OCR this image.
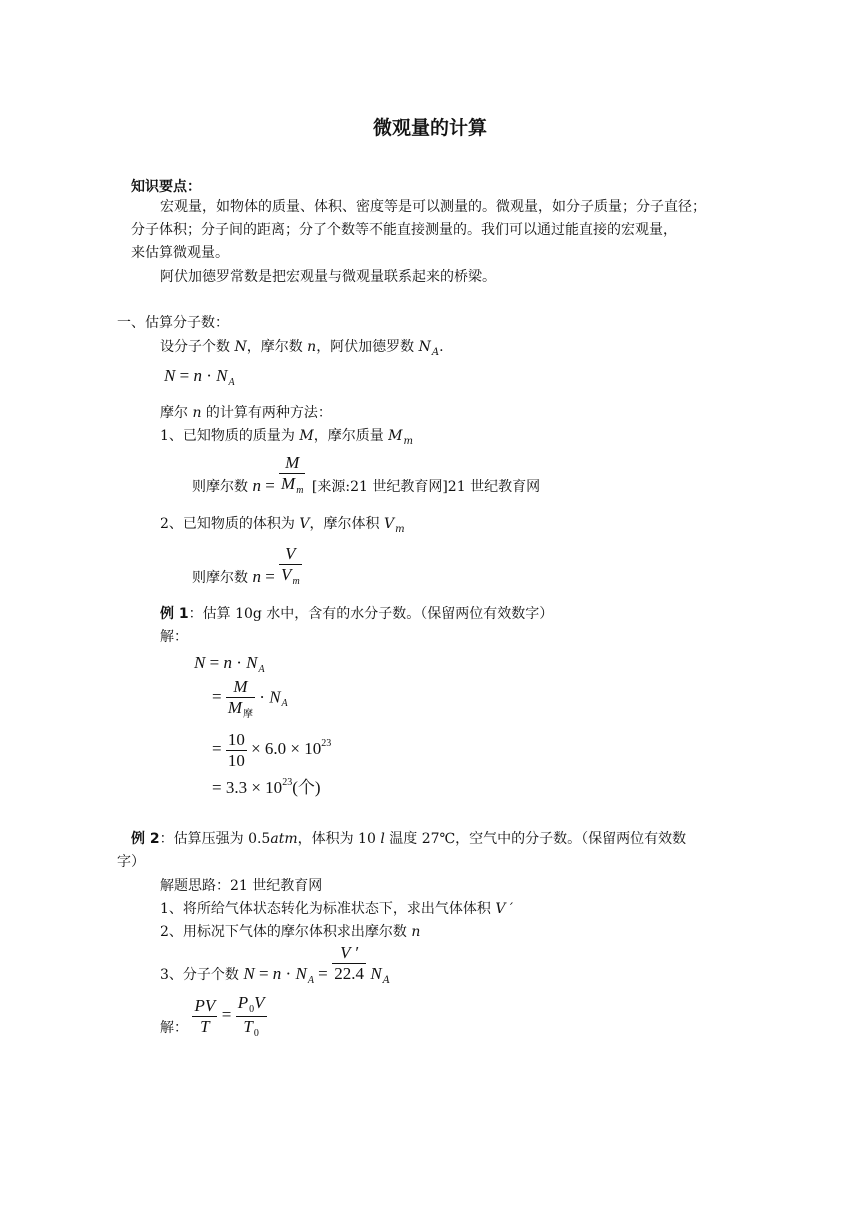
微观量的计算
知识要点：
宏观量，如物体的质量、体积、密度等是可以测量的。微观量，如分子质量；分子直径；
分子体积；分子间的距离；分了个数等不能直接测量的。我们可以通过能直接的宏观量，
来估算微观量。
阿伏加德罗常数是把宏观量与微观量联系起来的桥梁。
一、估算分子数：
设分子个数 N，摩尔数 n，阿伏加德罗数 $N_A$.
$N = n \cdot N_A$
摩尔 n 的计算有两种方法：
1、已知物质的质量为 M，摩尔质量 $M_m$
则摩尔数 $n = \frac{M}{M_m}$ [来源:21 世纪教育网]21 世纪教育网
2、已知物质的体积为 V，摩尔体积 $V_m$
则摩尔数 $n = \frac{V}{V_m}$
例 1：估算 10g 水中，含有的水分子数。（保留两位有效数字）
解：
$N = n \cdot N_A$
= $\frac{M}{M_摩} \cdot N_A$
= $\frac{10}{10} \times 6.0 \times 10^{23}$
= $3.3 \times 10^{23}$(个)
例 2：估算压强为 0.5atm，体积为 10 l 温度 27℃，空气中的分子数。（保留两位有效数
字）
解题思路：21 世纪教育网
1、将所给气体状态转化为标准状态下，求出气体体积 V ′
2、用标况下气体的摩尔体积求出摩尔数 n
3、分子个数 $N = n \cdot N_A = \frac{V '}{22.4} N_A$
解： $\frac{PV}{T} = \frac{P_0V}{T_0}$
